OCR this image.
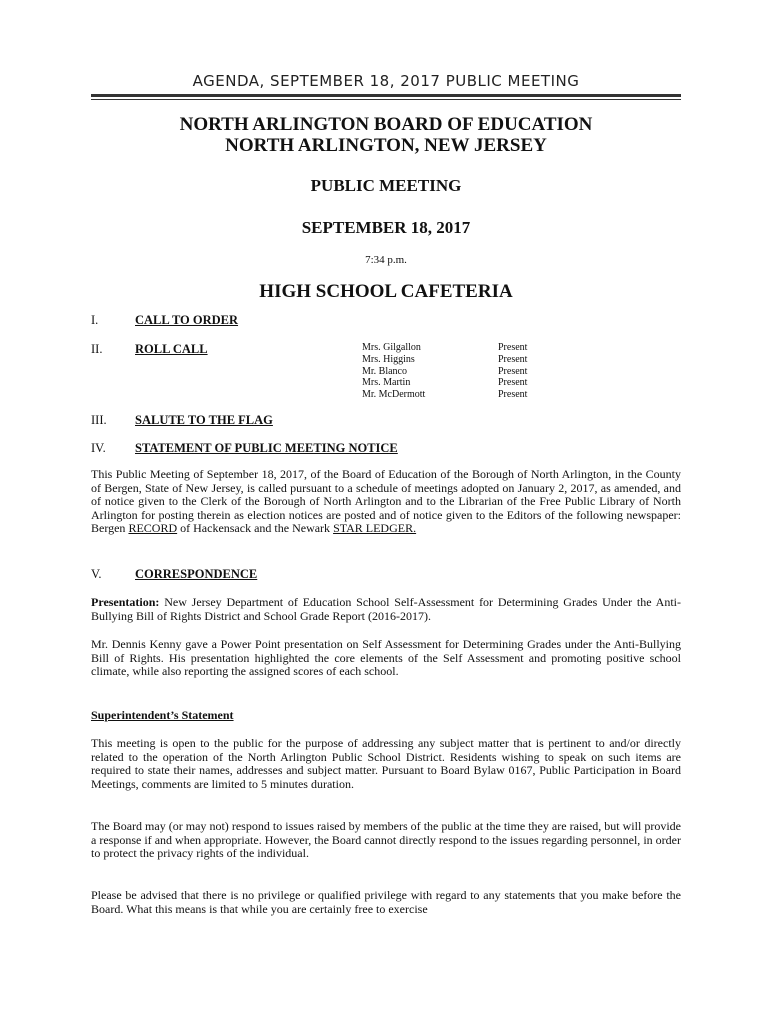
AGENDA, SEPTEMBER 18, 2017 PUBLIC MEETING
NORTH ARLINGTON BOARD OF EDUCATION
NORTH ARLINGTON, NEW JERSEY
PUBLIC MEETING
SEPTEMBER 18, 2017
7:34 p.m.
HIGH SCHOOL CAFETERIA
I.	CALL TO ORDER
II.	ROLL CALL	Mrs. Gilgallon	Present
Mrs. Higgins	Present
Mr. Blanco	Present
Mrs. Martin	Present
Mr. McDermott	Present
III. SALUTE TO THE FLAG
IV. STATEMENT OF PUBLIC MEETING NOTICE

This Public Meeting of September 18, 2017, of the Board of Education of the Borough of North Arlington, in the County of Bergen, State of New Jersey, is called pursuant to a schedule of meetings adopted on January 2, 2017, as amended, and of notice given to the Clerk of the Borough of North Arlington and to the Librarian of the Free Public Library of North Arlington for posting therein as election notices are posted and of notice given to the Editors of the following newspaper: Bergen RECORD of Hackensack and the Newark STAR LEDGER.

V.	CORRESPONDENCE

Presentation: New Jersey Department of Education School Self-Assessment for Determining Grades Under the Anti-Bullying Bill of Rights District and School Grade Report (2016-2017).

Mr. Dennis Kenny gave a Power Point presentation on Self Assessment for Determining Grades under the Anti-Bullying Bill of Rights. His presentation highlighted the core elements of the Self Assessment and promoting positive school climate, while also reporting the assigned scores of each school.

Superintendent’s Statement

This meeting is open to the public for the purpose of addressing any subject matter that is pertinent to and/or directly related to the operation of the North Arlington Public School District. Residents wishing to speak on such items are required to state their names, addresses and subject matter. Pursuant to Board Bylaw 0167, Public Participation in Board Meetings, comments are limited to 5 minutes duration.

The Board may (or may not) respond to issues raised by members of the public at the time they are raised, but will provide a response if and when appropriate. However, the Board cannot directly respond to the issues regarding personnel, in order to protect the privacy rights of the individual.

Please be advised that there is no privilege or qualified privilege with regard to any statements that you make before the Board. What this means is that while you are certainly free to exercise
